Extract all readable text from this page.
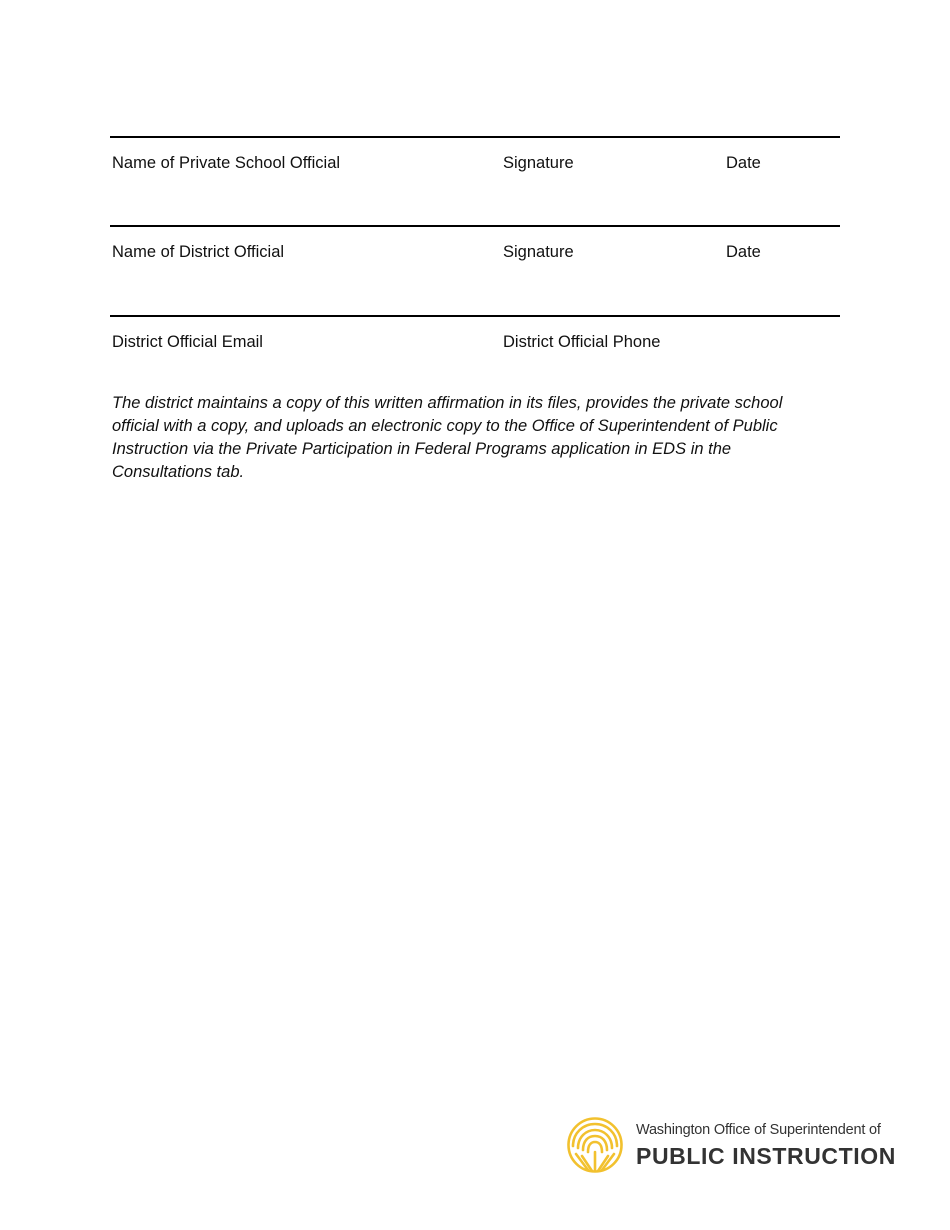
Name of Private School Official	Signature	Date
Name of District Official	Signature	Date
District Official Email	District Official Phone

The district maintains a copy of this written affirmation in its files, provides the private school official with a copy, and uploads an electronic copy to the Office of Superintendent of Public Instruction via the Private Participation in Federal Programs application in EDS in the Consultations tab.

Washington Office of Superintendent of
PUBLIC INSTRUCTION
